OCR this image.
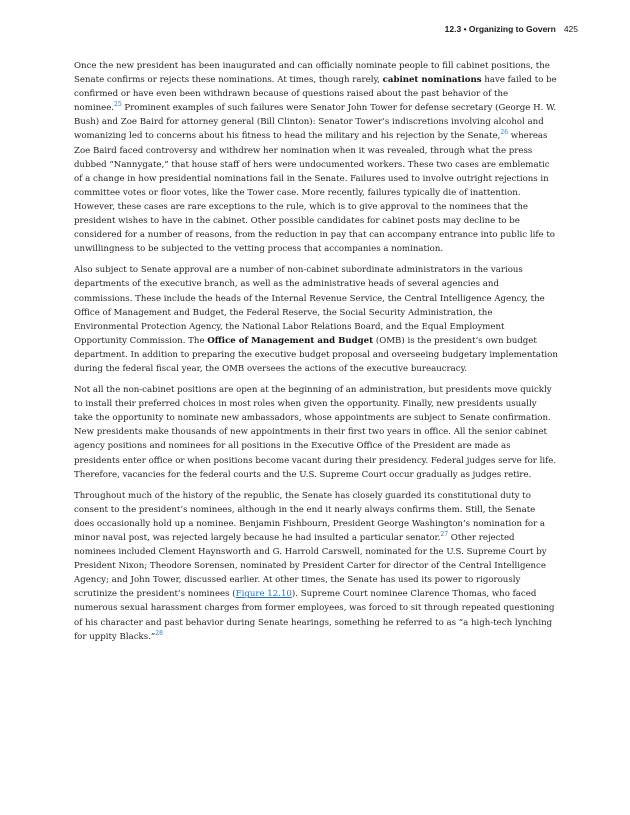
12.3 • Organizing to Govern 425

Once the new president has been inaugurated and can officially nominate people to fill cabinet positions, the Senate confirms or rejects these nominations. At times, though rarely, cabinet nominations have failed to be confirmed or have even been withdrawn because of questions raised about the past behavior of the nominee.$^{25}$ Prominent examples of such failures were Senator John Tower for defense secretary (George H. W. Bush) and Zoe Baird for attorney general (Bill Clinton): Senator Tower’s indiscretions involving alcohol and womanizing led to concerns about his fitness to head the military and his rejection by the Senate,$^{26}$ whereas Zoe Baird faced controversy and withdrew her nomination when it was revealed, through what the press dubbed “Nannygate,” that house staff of hers were undocumented workers. These two cases are emblematic of a change in how presidential nominations fail in the Senate. Failures used to involve outright rejections in committee votes or floor votes, like the Tower case. More recently, failures typically die of inattention. However, these cases are rare exceptions to the rule, which is to give approval to the nominees that the president wishes to have in the cabinet. Other possible candidates for cabinet posts may decline to be considered for a number of reasons, from the reduction in pay that can accompany entrance into public life to unwillingness to be subjected to the vetting process that accompanies a nomination.

Also subject to Senate approval are a number of non-cabinet subordinate administrators in the various departments of the executive branch, as well as the administrative heads of several agencies and commissions. These include the heads of the Internal Revenue Service, the Central Intelligence Agency, the Office of Management and Budget, the Federal Reserve, the Social Security Administration, the Environmental Protection Agency, the National Labor Relations Board, and the Equal Employment Opportunity Commission. The Office of Management and Budget (OMB) is the president’s own budget department. In addition to preparing the executive budget proposal and overseeing budgetary implementation during the federal fiscal year, the OMB oversees the actions of the executive bureaucracy.

Not all the non-cabinet positions are open at the beginning of an administration, but presidents move quickly to install their preferred choices in most roles when given the opportunity. Finally, new presidents usually take the opportunity to nominate new ambassadors, whose appointments are subject to Senate confirmation. New presidents make thousands of new appointments in their first two years in office. All the senior cabinet agency positions and nominees for all positions in the Executive Office of the President are made as presidents enter office or when positions become vacant during their presidency. Federal judges serve for life. Therefore, vacancies for the federal courts and the U.S. Supreme Court occur gradually as judges retire.

Throughout much of the history of the republic, the Senate has closely guarded its constitutional duty to consent to the president’s nominees, although in the end it nearly always confirms them. Still, the Senate does occasionally hold up a nominee. Benjamin Fishbourn, President George Washington’s nomination for a minor naval post, was rejected largely because he had insulted a particular senator.$^{27}$ Other rejected nominees included Clement Haynsworth and G. Harrold Carswell, nominated for the U.S. Supreme Court by President Nixon; Theodore Sorensen, nominated by President Carter for director of the Central Intelligence Agency; and John Tower, discussed earlier. At other times, the Senate has used its power to rigorously scrutinize the president’s nominees (Figure 12.10). Supreme Court nominee Clarence Thomas, who faced numerous sexual harassment charges from former employees, was forced to sit through repeated questioning of his character and past behavior during Senate hearings, something he referred to as “a high-tech lynching for uppity Blacks.”$^{28}$
